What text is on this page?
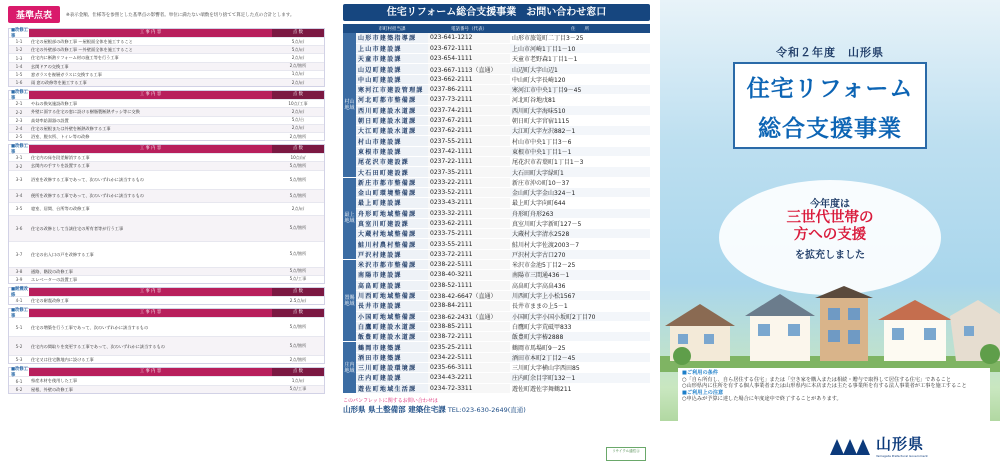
基準点表	※表示金額、仕様等を参照とした基準点の影響者。単位に満たない端数を切り捨てて算定した点の合計とします。
■改修工事
工 事 内 容	点 数
1-1	住宅の屋根部の改修工事 ～屋根面全体を施工すること	5点/㎡
1-2	住宅の外壁部の改修工事 ～外壁面全体を施工すること	5点/㎡
1-3	住宅内に断熱リフォーム材の施工等を行う工事	2点/㎡
1-4	玄関ドアの交換工事	2点/箇所
1-5	窓ガラスを複層ガラスに交換する工事	1点/㎡
1-6	雨 窓の改修等を施工する工事	2点/㎡
■改修工事
工 事 内 容	点 数
2-1	やねの換気施設改修工事	10点/工事
2-2	外壁に面する住宅の窓に設ける樹脂製断熱サッシ等に交換	2点/㎡
2-3	高効率給湯器の設置	5点/台
2-4	住宅の屋根または外壁を断熱改修する工事	2点/㎡
2-5	浴室、脱衣所、トイレ等の改修	2点/箇所
■改修工事
工 事 内 容	点 数
3-1	住宅内の床を段差解消する工事	10点/㎡
3-2	玄関内の手すりを設置する工事	5点/箇所
3-3	浴室を改修する工事であって、次のいずれかに該当するもの	5点/箇所
3-4	便所を改修する工事であって、次のいずれかに該当するもの	5点/箇所
3-5	寝室、居間、台所等の改修工事	2点/㎡
3-6	住宅の改修として当該住宅の所有者等が行う工事	5点/箇所
3-7	住宅の出入口の戸を改修する工事	5点/箇所
3-8	通路、階段の改修工事	5点/箇所
3-9	エレベーターの設置工事	5点/工事
■耐震改修
工 事 内 容	点 数
4-1	住宅の耐震改修工事	2.5点/㎡
■改修工事
工 事 内 容	点 数
5-1	住宅の増築を行う工事であって、次のいずれかに該当するもの	5点/箇所
5-2	住宅内の間取りを変更する工事であって、次のいずれかに該当するもの	5点/箇所
5-3	住宅又は住宅敷地内に設ける工事	2点/箇所
■改修工事
工 事 内 容	点 数
6-1	県産木材を使用した工事	1点/㎡
6-2	屋根、外壁の改修工事	5点/工事
住宅リフォーム総合支援事業　お問い合わせ窓口
	市町村担当課	電話番号（代表）	住　　所
村山地域	山形市建築指導課	023-641-1212	山形市旅篭町二丁目3－25
	上山市建設課	023-672-1111	上山市河崎1丁目1－10
	天童市建設課	023-654-1111	天童市老野森1丁目1－1
	山辺町建設課	023-667-1113（直通）	山辺町大字山辺1
	中山町建設課	023-662-2111	中山町大字長崎120
	寒河江市建設管理課	0237-86-2111	寒河江市中央1丁目9－45
	河北町都市整備課	0237-73-2111	河北町谷地戊81
	西川町建設水道課	0237-74-2111	西川町大字海味510
	朝日町建設水道課	0237-67-2111	朝日町大字宮宿1115
	大江町建設水道課	0237-62-2111	大江町大字左沢882－1
	村山市建設課	0237-55-2111	村山市中央1丁目3－6
	東根市建設課	0237-42-1111	東根市中央1丁目1－1
	尾花沢市建設課	0237-22-1111	尾花沢市若葉町1丁目1－3
	大石田町建設課	0237-35-2111	大石田町大字緑町1
最上地域	新庄市都市整備課	0233-22-2111	新庄市沖の町10－37
	金山町環境整備課	0233-52-2111	金山町大字金山324－1
	最上町建設課	0233-43-2111	最上町大字向町644
	舟形町地域整備課	0233-32-2111	舟形町舟形263
	真室川町建設課	0233-62-2111	真室川町大字新町127－5
	大蔵村地域整備課	0233-75-2111	大蔵村大字清水2528
	鮭川村農村整備課	0233-55-2111	鮭川村大字佐渡2003－7
	戸沢村建設課	0233-72-2111	戸沢村大字古口270
置賜地域	米沢市都市整備課	0238-22-5111	米沢市金池5丁目2－25
	南陽市建設課	0238-40-3211	南陽市三間通436－1
	高畠町建設課	0238-52-1111	高畠町大字高畠436
	川西町地域整備課	0238-42-6647（直通）	川西町大字上小松1567
	長井市建設課	0238-84-2111	長井市ままの上5－1
	小国町地域整備課	0238-62-2431（直通）	小国町大字小国小坂町2丁目70
	白鷹町建設水道課	0238-85-2111	白鷹町大字荒砥甲833
	飯豊町建設水道課	0238-72-2111	飯豊町大字椿2888
庄内地域	鶴岡市建築課	0235-25-2111	鶴岡市馬場町9－25
	酒田市建築課	0234-22-5111	酒田市本町2丁目2－45
	三川町建設環境課	0235-66-3111	三川町大字横山字西田85
	庄内町建設課	0234-43-2211	庄内町余目字町132－1
	遊佐町地域生活課	0234-72-3311	遊佐町遊佐字舞鶴211
このパンフレットに関するお問い合わせは
山形県 県土整備部 建築住宅課 TEL:023-630-2649(直通)
リサイクル適性Ⓐ
令和２年度　山形県
住宅リフォーム
総合支援事業
今年度は
三世代世帯の
方への支援
を拡充しました
■ご利用の条件
○「自ら所有し、自ら居住する住宅」または「空き家を購入または相続・贈与で取得して居住する住宅」であること
○山形県内に住所を有する個人事業者または山形県内に本店または主たる事業所を有する法人事業者が工事を施工すること
■ご利用上の注意
○申込みが予算に達した場合に年度途中で終了することがあります。
山形県
Yamagata Prefectural Government
